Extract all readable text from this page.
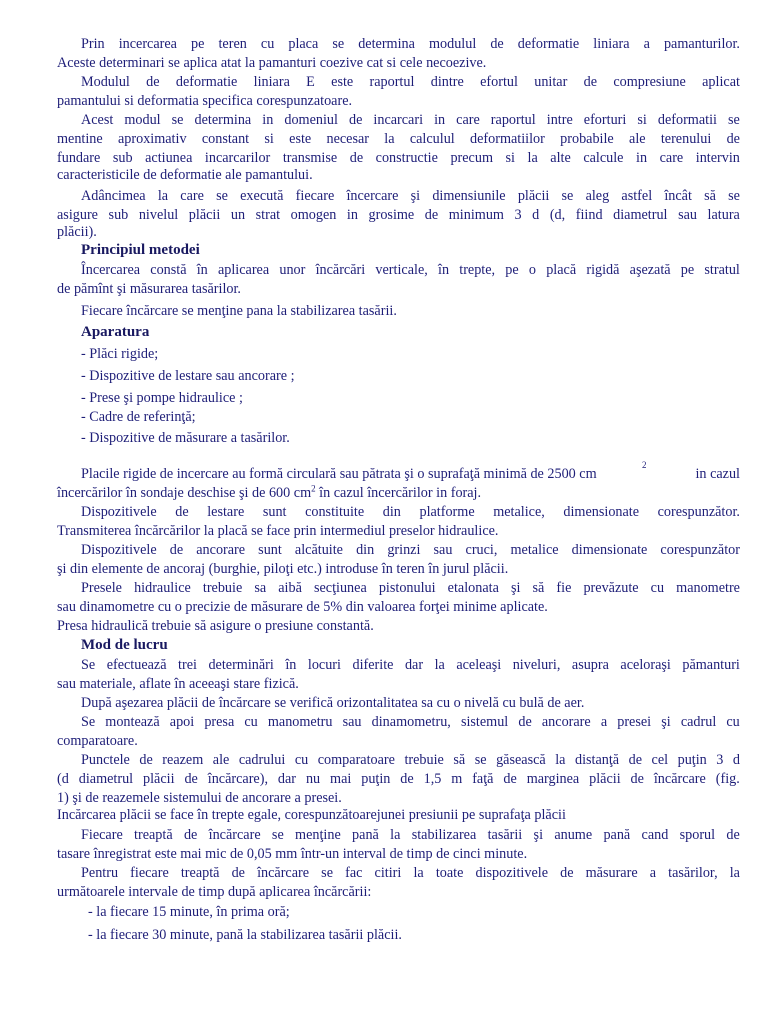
Prin incercarea pe teren cu placa se determina modulul de deformatie liniara a pamanturilor.
Aceste determinari se aplica atat la pamanturi coezive cat si cele necoezive.
Modulul de deformatie liniara E este raportul dintre efortul unitar de compresiune aplicat
pamantului si deformatia specifica corespunzatoare.
Acest modul se determina in domeniul de incarcari in care raportul intre eforturi si deformatii se
mentine aproximativ constant si este necesar la calculul deformatiilor probabile ale terenului de
fundare sub actiunea incarcarilor transmise de constructie precum si la alte calcule in care intervin
caracteristicile de deformatie ale pamantului.
Adâncimea la care se execută fiecare încercare şi dimensiunile plăcii se aleg astfel încât să se
asigure sub nivelul plăcii un strat omogen in grosime de minimum 3 d (d, fiind diametrul sau latura
plăcii).
Principiul metodei
Încercarea constă în aplicarea unor încărcări verticale, în trepte, pe o placă rigidă aşezată pe stratul
de pămînt şi măsurarea tasărilor.
Fiecare încărcare se menţine pana la stabilizarea tasării.
Aparatura
- Plăci rigide;
- Dispozitive de lestare sau ancorare ;
- Prese şi pompe hidraulice ;
- Cadre de referinţă;
- Dispozitive de măsurare a tasărilor.
Placile rigide de incercare au formă circulară sau pătrata şi o suprafaţă minimă de 2500 cm
2
in cazul
încercărilor în sondaje deschise şi de 600 $cm^2$ în cazul încercărilor in foraj.
Dispozitivele de lestare sunt constituite din platforme metalice, dimensionate corespunzător.
Transmiterea încărcărilor la placă se face prin intermediul preselor hidraulice.
Dispozitivele de ancorare sunt alcătuite din grinzi sau cruci, metalice dimensionate corespunzător
şi din elemente de ancoraj (burghie, piloţi etc.) introduse în teren în jurul plăcii.
Presele hidraulice trebuie sa aibă secţiunea pistonului etalonata şi să fie prevăzute cu manometre
sau dinamometre cu o precizie de măsurare de 5% din valoarea forţei minime aplicate.
Presa hidraulică trebuie să asigure o presiune constantă.
Mod de lucru
Se efectuează trei determinări în locuri diferite dar la aceleaşi niveluri, asupra aceloraşi pămanturi
sau materiale, aflate în aceeaşi stare fizică.
După aşezarea plăcii de încărcare se verifică orizontalitatea sa cu o nivelă cu bulă de aer.
Se montează apoi presa cu manometru sau dinamometru, sistemul de ancorare a presei şi cadrul cu
comparatoare.
Punctele de reazem ale cadrului cu comparatoare trebuie să se găsească la distanţă de cel puţin 3 d
(d diametrul plăcii de încărcare), dar nu mai puţin de 1,5 m faţă de marginea plăcii de încărcare (fig.
1) şi de reazemele sistemului de ancorare a presei.
Incărcarea plăcii se face în trepte egale, corespunzătoarejunei presiunii pe suprafaţa plăcii
Fiecare treaptă de încărcare se menţine pană la stabilizarea tasării şi anume pană cand sporul de
tasare înregistrat este mai mic de 0,05 mm într-un interval de timp de cinci minute.
Pentru fiecare treaptă de încărcare se fac citiri la toate dispozitivele de măsurare a tasărilor, la
următoarele intervale de timp după aplicarea încărcării:
- la fiecare 15 minute, în prima oră;
- la fiecare 30 minute, pană la stabilizarea tasării plăcii.
